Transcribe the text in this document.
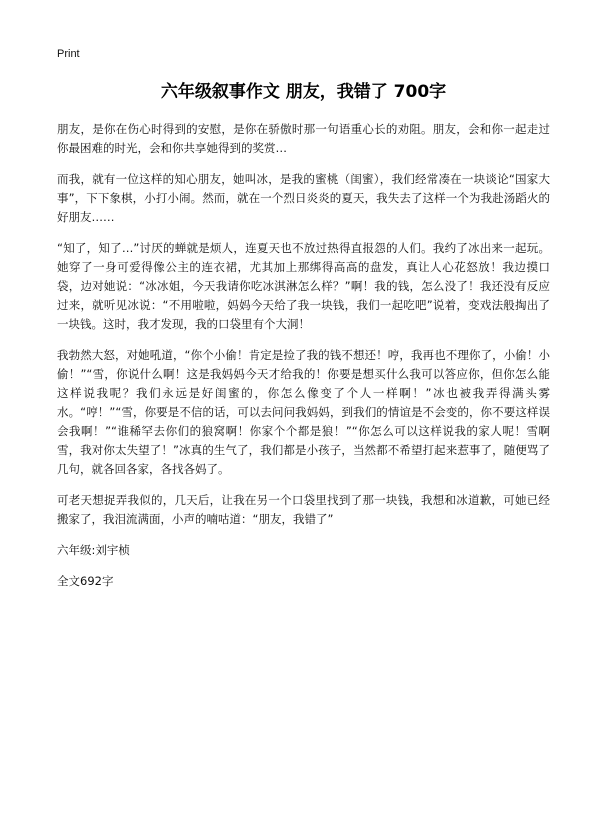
Print
六年级叙事作文 朋友，我错了 700字

朋友，是你在伤心时得到的安慰，是你在骄傲时那一句语重心长的劝阻。朋友，会和你一起走过你最困难的时光，会和你共享她得到的奖赏…

而我，就有一位这样的知心朋友，她叫冰，是我的蜜桃（闺蜜），我们经常凑在一块谈论“国家大事”，下下象棋，小打小闹。然而，就在一个烈日炎炎的夏天，我失去了这样一个为我赴汤蹈火的好朋友……

“知了，知了…”讨厌的蝉就是烦人，连夏天也不放过热得直报怨的人们。我约了冰出来一起玩。她穿了一身可爱得像公主的连衣裙，尤其加上那绑得高高的盘发，真让人心花怒放！我边摸口袋，边对她说：“冰冰姐，今天我请你吃冰淇淋怎么样？”啊！我的钱，怎么没了！我还没有反应过来，就听见冰说：“不用啦啦，妈妈今天给了我一块钱，我们一起吃吧”说着，变戏法般掏出了一块钱。这时，我才发现，我的口袋里有个大洞！

我勃然大怒，对她吼道，“你个小偷！肯定是捡了我的钱不想还！哼，我再也不理你了，小偷！小偷！”“雪，你说什么啊！这是我妈妈今天才给我的！你要是想买什么我可以答应你，但你怎么能这样说我呢？我们永远是好闺蜜的，你怎么像变了个人一样啊！”冰也被我弄得满头雾水。“哼！”“雪，你要是不信的话，可以去问问我妈妈，到我们的情谊是不会变的，你不要这样误会我啊！”“谁稀罕去你们的狼窝啊！你家个个都是狼！”“你怎么可以这样说我的家人呢！雪啊雪，我对你太失望了！”冰真的生气了，我们都是小孩子，当然都不希望打起来惹事了，随便骂了几句，就各回各家，各找各妈了。

可老天想捉弄我似的，几天后，让我在另一个口袋里找到了那一块钱，我想和冰道歉，可她已经搬家了，我泪流满面，小声的喃咕道：“朋友，我错了”

六年级:刘宇桢

全文692字
